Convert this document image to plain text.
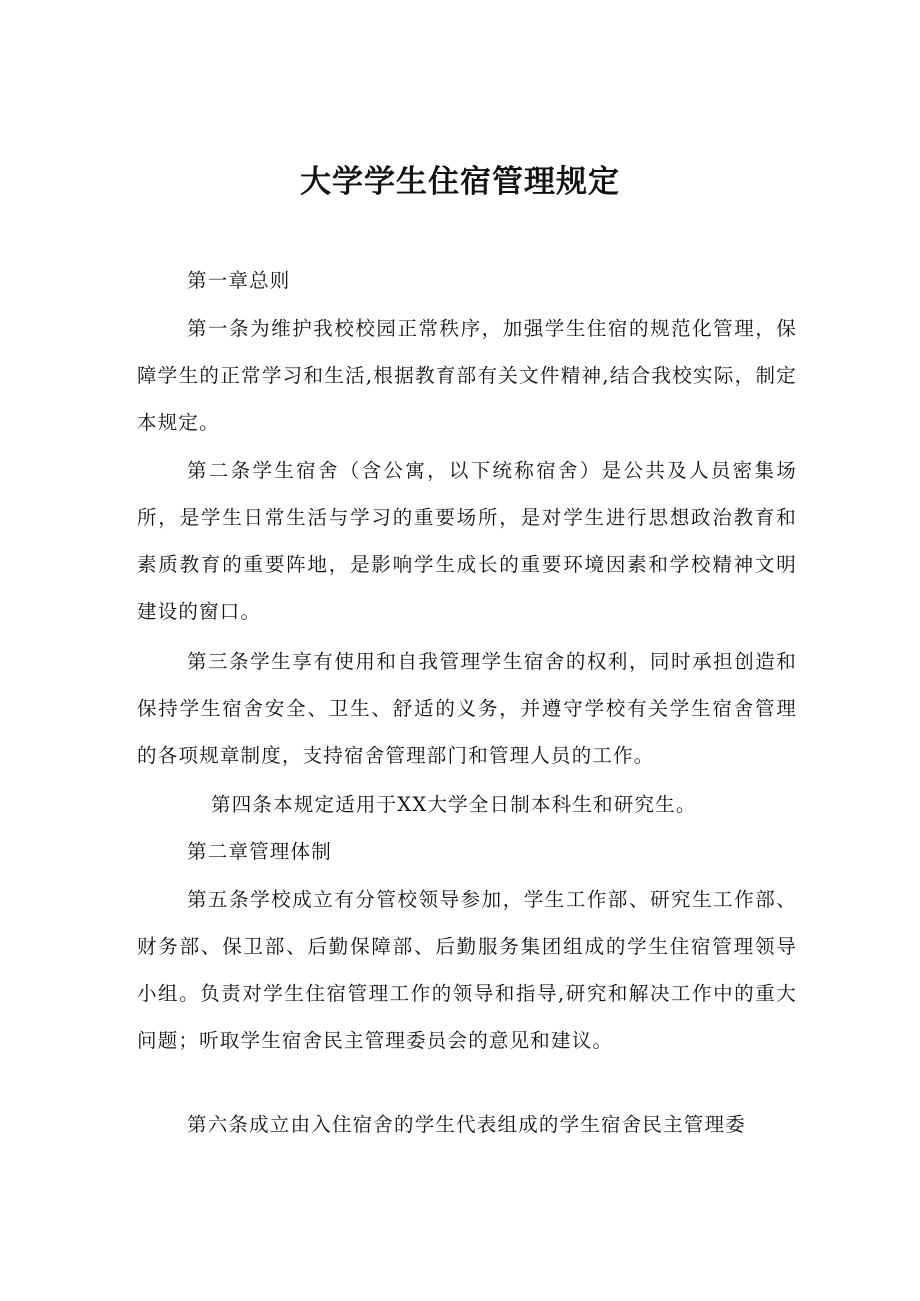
大学学生住宿管理规定

第一章总则

第一条为维护我校校园正常秩序，加强学生住宿的规范化管理，保障学生的正常学习和生活,根据教育部有关文件精神,结合我校实际，制定本规定。

第二条学生宿舍（含公寓，以下统称宿舍）是公共及人员密集场所，是学生日常生活与学习的重要场所，是对学生进行思想政治教育和素质教育的重要阵地，是影响学生成长的重要环境因素和学校精神文明建设的窗口。

第三条学生享有使用和自我管理学生宿舍的权利，同时承担创造和保持学生宿舍安全、卫生、舒适的义务，并遵守学校有关学生宿舍管理的各项规章制度，支持宿舍管理部门和管理人员的工作。

第四条本规定适用于XX大学全日制本科生和研究生。

第二章管理体制

第五条学校成立有分管校领导参加，学生工作部、研究生工作部、财务部、保卫部、后勤保障部、后勤服务集团组成的学生住宿管理领导小组。负责对学生住宿管理工作的领导和指导,研究和解决工作中的重大问题；听取学生宿舍民主管理委员会的意见和建议。

第六条成立由入住宿舍的学生代表组成的学生宿舍民主管理委
